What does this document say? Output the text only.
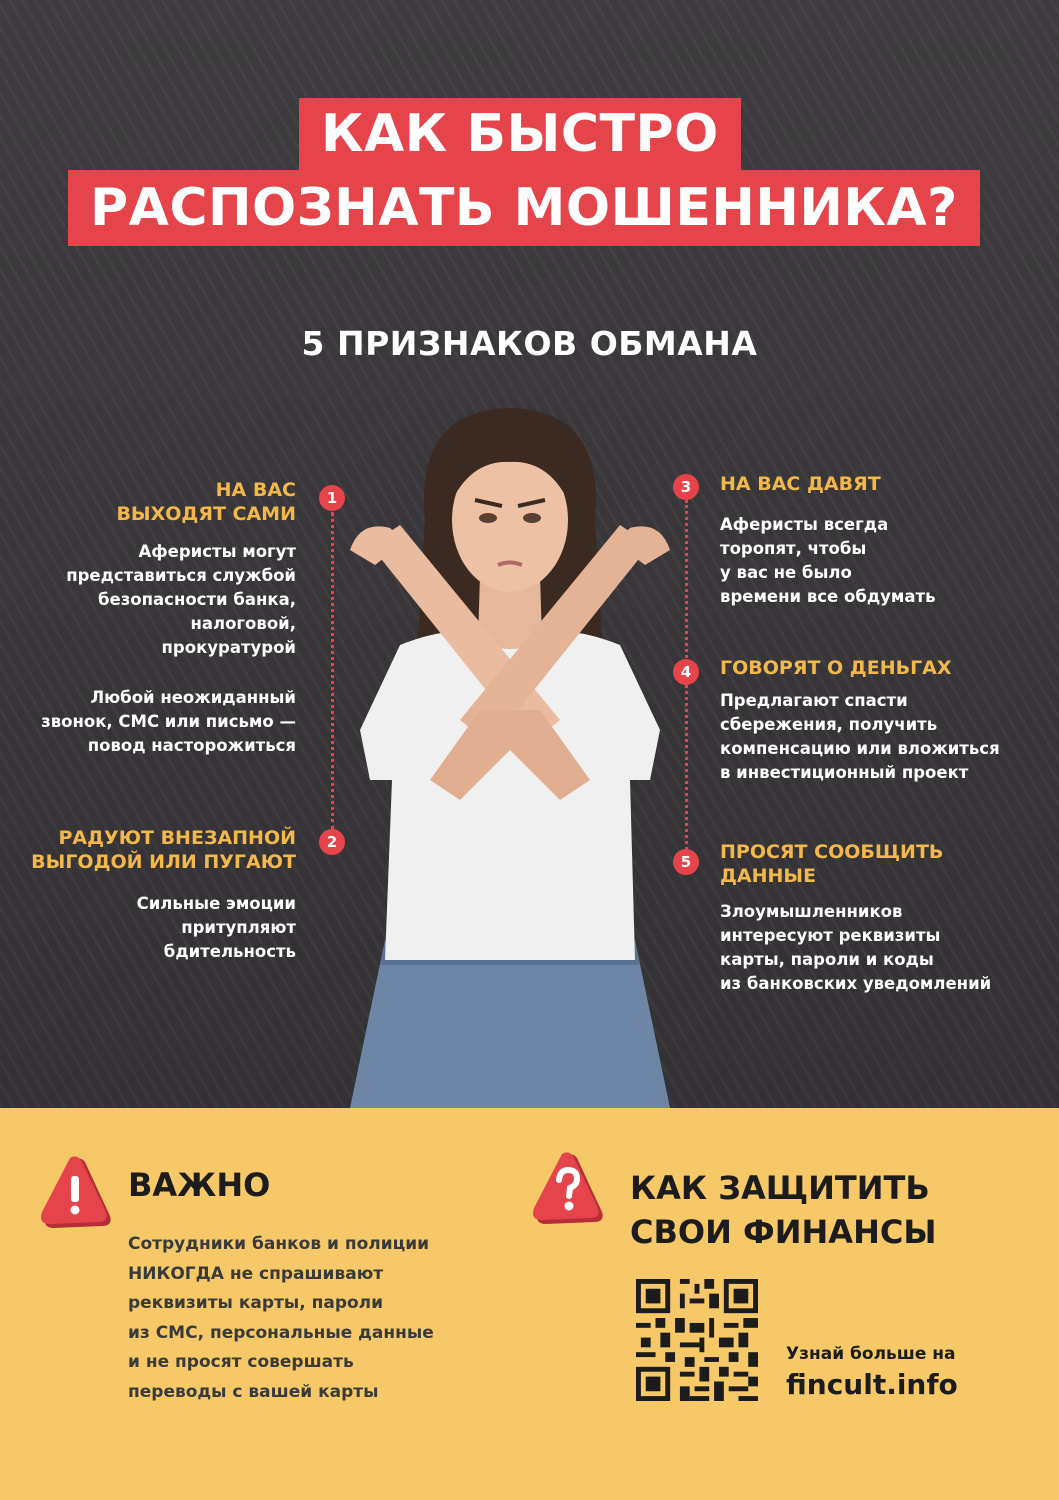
КАК БЫСТРО
РАСПОЗНАТЬ МОШЕННИКА?
5 ПРИЗНАКОВ ОБМАНА
1
НА ВАС
ВЫХОДЯТ САМИ
Аферисты могут
представиться службой
безопасности банка,
налоговой,
прокуратурой
Любой неожиданный
звонок, СМС или письмо —
повод насторожиться
2
РАДУЮТ ВНЕЗАПНОЙ
ВЫГОДОЙ ИЛИ ПУГАЮТ
Сильные эмоции
притупляют
бдительность
3	НА ВАС ДАВЯТ
Аферисты всегда
торопят, чтобы
у вас не было
времени все обдумать
4	ГОВОРЯТ О ДЕНЬГАХ
Предлагают спасти
сбережения, получить
компенсацию или вложиться
в инвестиционный проект
5	ПРОСЯТ СООБЩИТЬ
ДАННЫЕ
Злоумышленников
интересуют реквизиты
карты, пароли и коды
из банковских уведомлений
ВАЖНО
Сотрудники банков и полиции
НИКОГДА не спрашивают
реквизиты карты, пароли
из СМС, персональные данные
и не просят совершать
переводы с вашей карты
КАК ЗАЩИТИТЬ
СВОИ ФИНАНСЫ
Узнай больше на
fincult.info
